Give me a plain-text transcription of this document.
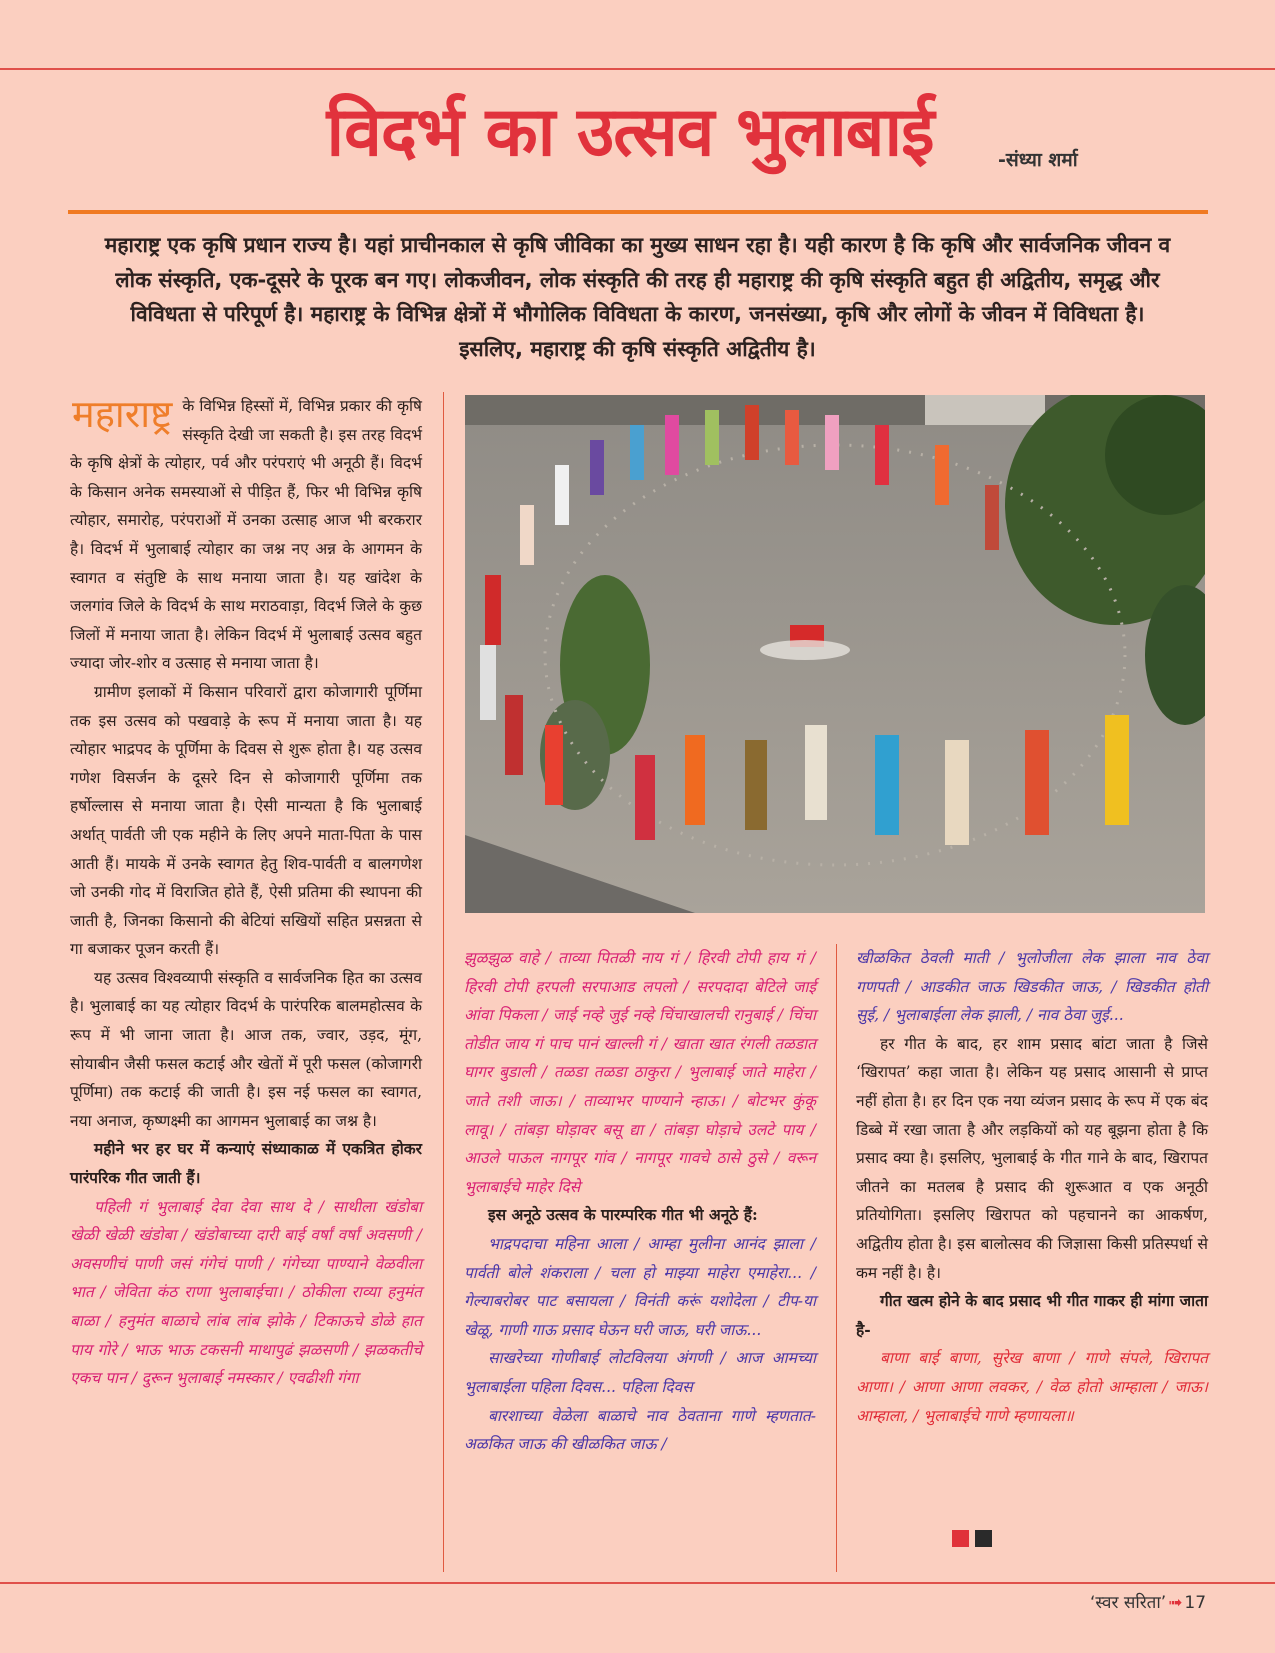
विदर्भ का उत्सव भुलाबाई	-संध्या शर्मा
महाराष्ट्र एक कृषि प्रधान राज्य है। यहां प्राचीनकाल से कृषि जीविका का मुख्य साधन रहा है। यही कारण है कि कृषि और सार्वजनिक जीवन व लोक संस्कृति, एक-दूसरे के पूरक बन गए। लोकजीवन, लोक संस्कृति की तरह ही महाराष्ट्र की कृषि संस्कृति बहुत ही अद्वितीय, समृद्ध और विविधता से परिपूर्ण है। महाराष्ट्र के विभिन्न क्षेत्रों में भौगोलिक विविधता के कारण, जनसंख्या, कृषि और लोगों के जीवन में विविधता है। इसलिए, महाराष्ट्र की कृषि संस्कृति अद्वितीय है।

महाराष्ट्र के विभिन्न हिस्सों में, विभिन्न प्रकार की कृषि संस्कृति देखी जा सकती है। इस तरह विदर्भ के कृषि क्षेत्रों के त्योहार, पर्व और परंपराएं भी अनूठी हैं। विदर्भ के किसान अनेक समस्याओं से पीड़ित हैं, फिर भी विभिन्न कृषि त्योहार, समारोह, परंपराओं में उनका उत्साह आज भी बरकरार है। विदर्भ में भुलाबाई त्योहार का जश्न नए अन्न के आगमन के स्वागत व संतुष्टि के साथ मनाया जाता है। यह खांदेश के जलगांव जिले के विदर्भ के साथ मराठवाड़ा, विदर्भ जिले के कुछ जिलों में मनाया जाता है। लेकिन विदर्भ में भुलाबाई उत्सव बहुत ज्यादा जोर-शोर व उत्साह से मनाया जाता है।

ग्रामीण इलाकों में किसान परिवारों द्वारा कोजागारी पूर्णिमा तक इस उत्सव को पखवाड़े के रूप में मनाया जाता है। यह त्योहार भाद्रपद के पूर्णिमा के दिवस से शुरू होता है। यह उत्सव गणेश विसर्जन के दूसरे दिन से कोजागारी पूर्णिमा तक हर्षोल्लास से मनाया जाता है। ऐसी मान्यता है कि भुलाबाई अर्थात् पार्वती जी एक महीने के लिए अपने माता-पिता के पास आती हैं। मायके में उनके स्वागत हेतु शिव-पार्वती व बालगणेश जो उनकी गोद में विराजित होते हैं, ऐसी प्रतिमा की स्थापना की जाती है, जिनका किसानो की बेटियां सखियों सहित प्रसन्नता से गा बजाकर पूजन करती हैं।

यह उत्सव विश्वव्यापी संस्कृति व सार्वजनिक हित का उत्सव है। भुलाबाई का यह त्योहार विदर्भ के पारंपरिक बालमहोत्सव के रूप में भी जाना जाता है। आज तक, ज्वार, उड़द, मूंग, सोयाबीन जैसी फसल कटाई और खेतों में पूरी फसल (कोजागरी पूर्णिमा) तक कटाई की जाती है। इस नई फसल का स्वागत, नया अनाज, कृष्णक्ष्मी का आगमन भुलाबाई का जश्न है।

महीने भर हर घर में कन्याएं संध्याकाळ में एकत्रित होकर पारंपरिक गीत जाती हैं।

पहिली गं भुलाबाई देवा देवा साथ दे / साथीला खंडोबा खेळी खेळी खंडोबा / खंडोबाच्या दारी बाई वर्षां वर्षां अवसणी / अवसणीचं पाणी जसं गंगेचं पाणी / गंगेच्या पाण्याने वेळवीला भात / जेविता कंठ राणा भुलाबाईचा। / ठोकीला राव्या हनुमंत बाळा / हनुमंत बाळाचे लांब लांब झोके / टिकाऊचे डोळे हात पाय गोरे / भाऊ भाऊ टकसनी माथापुढं झळसणी / झळकतीचे एकच पान / दुरून भुलाबाई नमस्कार / एवढीशी गंगा

झुळझुळ वाहे / ताव्या पितळी नाय गं / हिरवी टोपी हाय गं / हिरवी टोपी हरपली सरपाआड लपलो / सरपदादा बेटिले जाई आंवा पिकला / जाई नव्हे जुई नव्हे चिंचाखालची रानुबाई / चिंचा तोडीत जाय गं पाच पानं खाल्ली गं / खाता खात रंगली तळडात घागर बुडाली / तळडा तळडा ठाकुरा / भुलाबाई जाते माहेरा / जाते तशी जाऊ। / ताव्याभर पाण्याने न्हाऊ। / बोटभर कुंकू लावू। / तांबड़ा घोड़ावर बसू द्या / तांबड़ा घोड़ाचे उलटे पाय / आउले पाऊल नागपूर गांव / नागपूर गावचे ठासे ठुसे / वरून भुलाबाईचे माहेर दिसे

इस अनूठे उत्सव के पारम्परिक गीत भी अनूठे हैं:

भाद्रपदाचा महिना आला / आम्हा मुलीना आनंद झाला / पार्वती बोले शंकराला / चला हो माझ्या माहेरा एमाहेरा... / गेल्याबरोबर पाट बसायला / विनंती करूं यशोदेला / टीप-या खेळू, गाणी गाऊ प्रसाद घेऊन घरी जाऊ, घरी जाऊ...

साखरेच्या गोणीबाई लोटविलया अंगणी / आज आमच्या भुलाबाईला पहिला दिवस... पहिला दिवस

बारशाच्या वेळेला बाळाचे नाव ठेवताना गाणे म्हणतात-अळकित जाऊ की खीळकित जाऊ /

खीळकित ठेवली माती / भुलोजीला लेक झाला नाव ठेवा गणपती / आडकीत जाऊ खिडकीत जाऊ, / खिडकीत होती सुई, / भुलाबाईला लेक झाली, / नाव ठेवा जुई...

हर गीत के बाद, हर शाम प्रसाद बांटा जाता है जिसे ‘खिरापत’ कहा जाता है। लेकिन यह प्रसाद आसानी से प्राप्त नहीं होता है। हर दिन एक नया व्यंजन प्रसाद के रूप में एक बंद डिब्बे में रखा जाता है और लड़कियों को यह बूझना होता है कि प्रसाद क्या है। इसलिए, भुलाबाई के गीत गाने के बाद, खिरापत जीतने का मतलब है प्रसाद की शुरूआत व एक अनूठी प्रतियोगिता। इसलिए खिरापत को पहचानने का आकर्षण, अद्वितीय होता है। इस बालोत्सव की जिज्ञासा किसी प्रतिस्पर्धा से कम नहीं है। है।

गीत खत्म होने के बाद प्रसाद भी गीत गाकर ही मांगा जाता है-

बाणा बाई बाणा, सुरेख बाणा / गाणे संपले, खिरापत आणा। / आणा आणा लवकर, / वेळ होतो आम्हाला / जाऊ। आम्हाला, / भुलाबाईचे गाणे म्हणायला॥

‘स्वर सरिता’ ➟ 17
